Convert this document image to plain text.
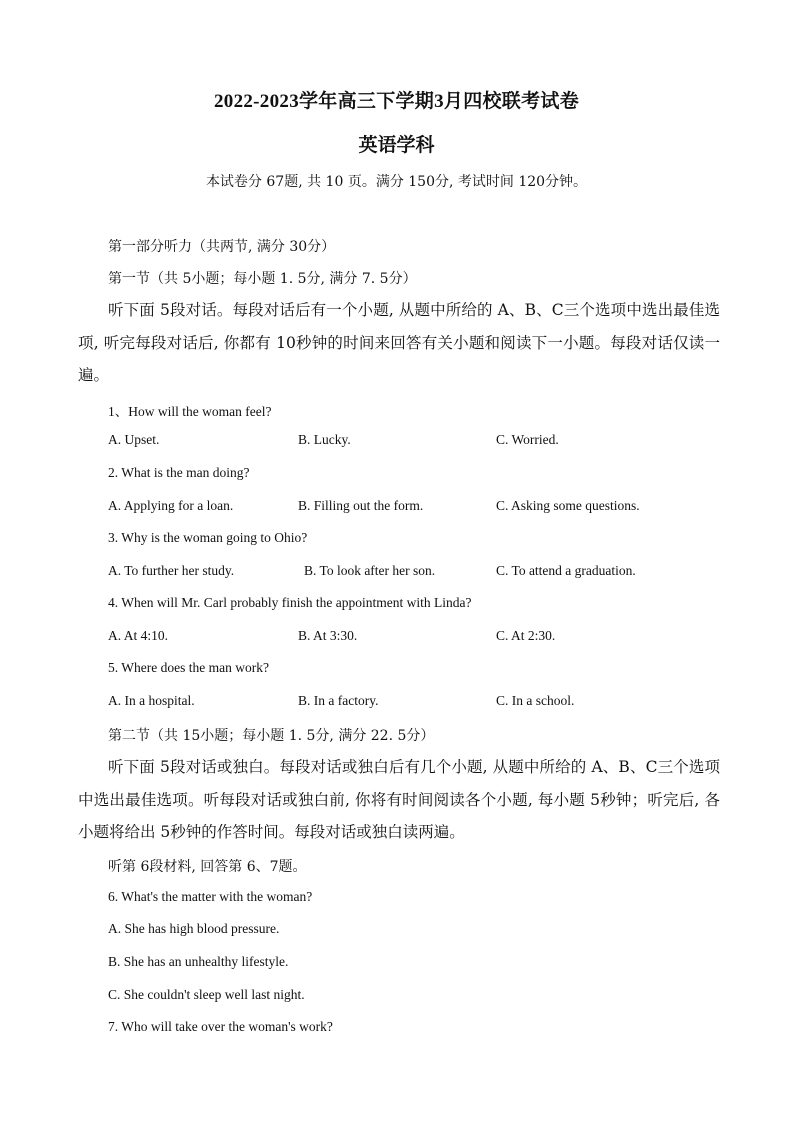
2022-2023学年高三下学期3月四校联考试卷
英语学科
本试卷分 67题, 共 10 页。满分 150分, 考试时间 120分钟。
第一部分听力（共两节, 满分 30分）
第一节（共 5小题；每小题 1. 5分, 满分 7. 5分）
听下面 5段对话。每段对话后有一个小题, 从题中所给的 A、B、C三个选项中选出最佳选项, 听完每段对话后, 你都有 10秒钟的时间来回答有关小题和阅读下一小题。每段对话仅读一遍。
1、How will the woman feel?
A. Upset.	B. Lucky.	C. Worried.
2. What is the man doing?
A. Applying for a loan.	B. Filling out the form.	C. Asking some questions.
3. Why is the woman going to Ohio?
A. To further her study.	B. To look after her son.	C. To attend a graduation.
4. When will Mr. Carl probably finish the appointment with Linda?
A. At 4:10.	B. At 3:30.	C. At 2:30.
5. Where does the man work?
A. In a hospital.	B. In a factory.	C. In a school.
第二节（共 15小题；每小题 1. 5分, 满分 22. 5分）
听下面 5段对话或独白。每段对话或独白后有几个小题, 从题中所给的 A、B、C三个选项中选出最佳选项。听每段对话或独白前, 你将有时间阅读各个小题, 每小题 5秒钟；听完后, 各小题将给出 5秒钟的作答时间。每段对话或独白读两遍。
听第 6段材料, 回答第 6、7题。
6. What's the matter with the woman?
A. She has high blood pressure.
B. She has an unhealthy lifestyle.
C. She couldn't sleep well last night.
7. Who will take over the woman's work?
